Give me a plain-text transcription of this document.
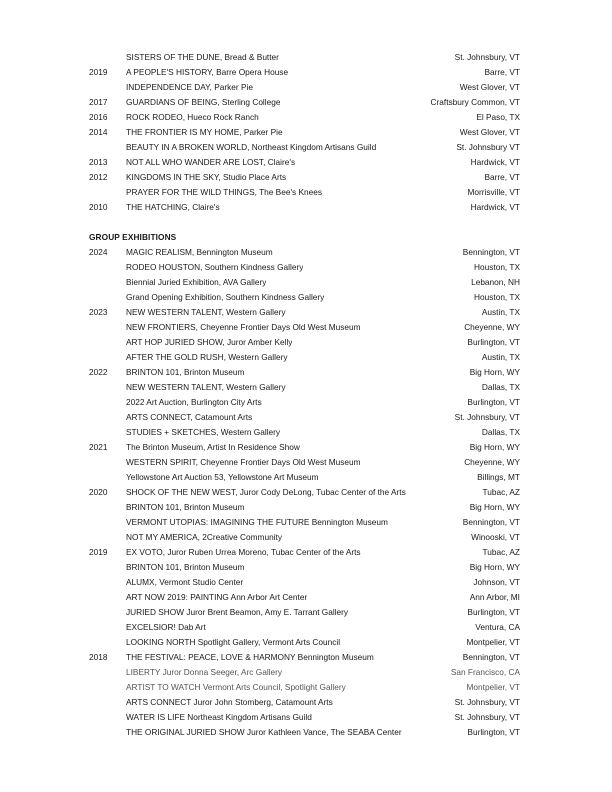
SISTERS OF THE DUNE, Bread & Butter	St. Johnsbury, VT
2019 A PEOPLE'S HISTORY, Barre Opera House	Barre, VT
INDEPENDENCE DAY, Parker Pie	West Glover, VT
2017 GUARDIANS OF BEING, Sterling College	Craftsbury Common, VT
2016 ROCK RODEO, Hueco Rock Ranch	El Paso, TX
2014 THE FRONTIER IS MY HOME, Parker Pie	West Glover, VT
BEAUTY IN A BROKEN WORLD, Northeast Kingdom Artisans Guild	St. Johnsbury VT
2013 NOT ALL WHO WANDER ARE LOST, Claire's	Hardwick, VT
2012 KINGDOMS IN THE SKY, Studio Place Arts	Barre, VT
PRAYER FOR THE WILD THINGS, The Bee's Knees	Morrisville, VT
2010 THE HATCHING, Claire's	Hardwick, VT
GROUP EXHIBITIONS
2024 MAGIC REALISM, Bennington Museum	Bennington, VT
RODEO HOUSTON, Southern Kindness Gallery	Houston, TX
Biennial Juried Exhibition, AVA Gallery	Lebanon, NH
Grand Opening Exhibition, Southern Kindness Gallery	Houston, TX
2023 NEW WESTERN TALENT, Western Gallery	Austin, TX
NEW FRONTIERS, Cheyenne Frontier Days Old West Museum	Cheyenne, WY
ART HOP JURIED SHOW, Juror Amber Kelly	Burlington, VT
AFTER THE GOLD RUSH, Western Gallery	Austin, TX
2022 BRINTON 101, Brinton Museum	Big Horn, WY
NEW WESTERN TALENT, Western Gallery	Dallas, TX
2022 Art Auction, Burlington City Arts	Burlington, VT
ARTS CONNECT, Catamount Arts	St. Johnsbury, VT
STUDIES + SKETCHES, Western Gallery	Dallas, TX
2021 The Brinton Museum, Artist In Residence Show	Big Horn, WY
WESTERN SPIRIT, Cheyenne Frontier Days Old West Museum	Cheyenne, WY
Yellowstone Art Auction 53, Yellowstone Art Museum	Billings, MT
2020 SHOCK OF THE NEW WEST, Juror Cody DeLong, Tubac Center of the Arts	Tubac, AZ
BRINTON 101, Brinton Museum	Big Horn, WY
VERMONT UTOPIAS: IMAGINING THE FUTURE Bennington Museum	Bennington, VT
NOT MY AMERICA, 2Creative Community	Winooski, VT
2019 EX VOTO, Juror Ruben Urrea Moreno, Tubac Center of the Arts	Tubac, AZ
BRINTON 101, Brinton Museum	Big Horn, WY
ALUMX, Vermont Studio Center	Johnson, VT
ART NOW 2019: PAINTING Ann Arbor Art Center	Ann Arbor, MI
JURIED SHOW Juror Brent Beamon, Amy E. Tarrant Gallery	Burlington, VT
EXCELSIOR! Dab Art	Ventura, CA
LOOKING NORTH Spotlight Gallery, Vermont Arts Council	Montpelier, VT
2018 THE FESTIVAL: PEACE, LOVE & HARMONY Bennington Museum	Bennington, VT
LIBERTY Juror Donna Seeger, Arc Gallery	San Francisco, CA
ARTIST TO WATCH Vermont Arts Council, Spotlight Gallery	Montpelier, VT
ARTS CONNECT Juror John Stomberg, Catamount Arts	St. Johnsbury, VT
WATER IS LIFE Northeast Kingdom Artisans Guild	St. Johnsbury, VT
THE ORIGINAL JURIED SHOW Juror Kathleen Vance, The SEABA Center	Burlington, VT
